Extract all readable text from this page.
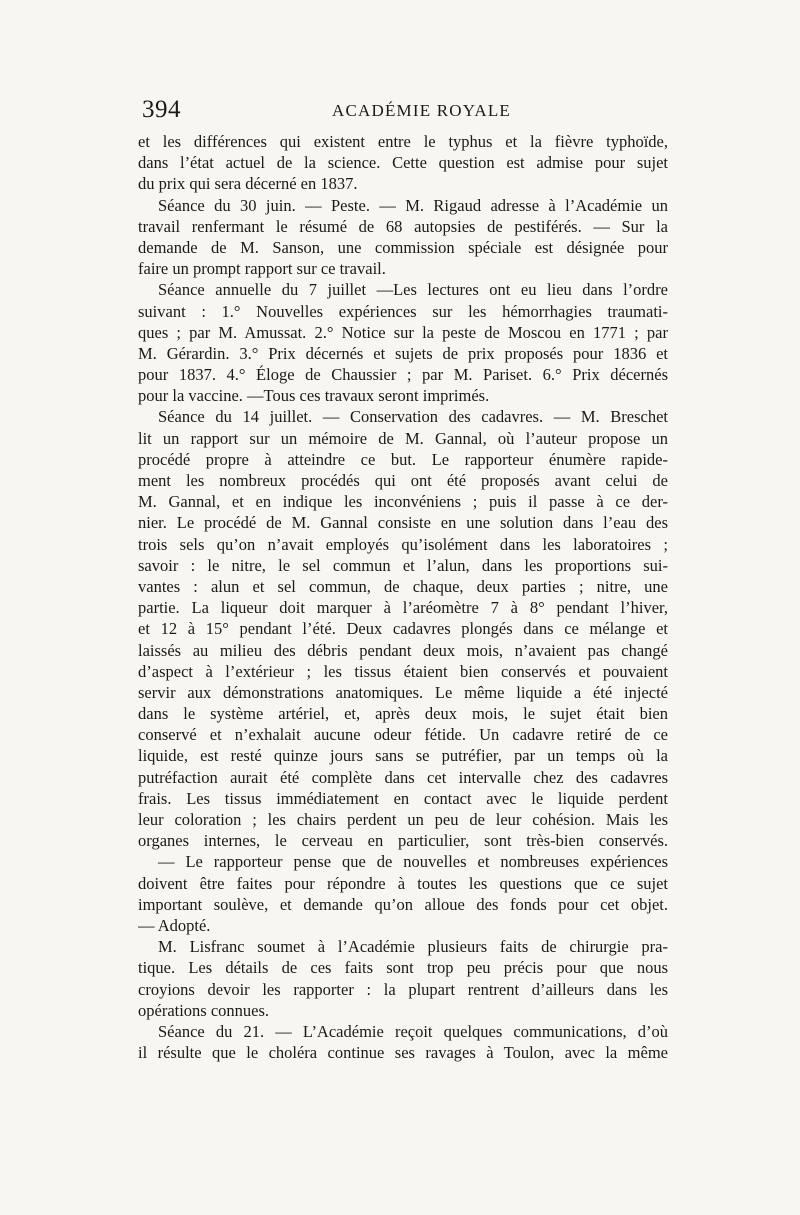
394	ACADÉMIE ROYALE
et les différences qui existent entre le typhus et la fièvre typhoïde,
dans l’état actuel de la science. Cette question est admise pour sujet
du prix qui sera décerné en 1837.
Séance du 30 juin. — Peste. — M. Rigaud adresse à l’Académie un
travail renfermant le résumé de 68 autopsies de pestiférés. — Sur la
demande de M. Sanson, une commission spéciale est désignée pour
faire un prompt rapport sur ce travail.
Séance annuelle du 7 juillet —Les lectures ont eu lieu dans l’ordre
suivant : 1.° Nouvelles expériences sur les hémorrhagies traumati-
ques ; par M. Amussat. 2.° Notice sur la peste de Moscou en 1771 ; par
M. Gérardin. 3.° Prix décernés et sujets de prix proposés pour 1836 et
pour 1837. 4.° Éloge de Chaussier ; par M. Pariset. 6.° Prix décernés
pour la vaccine. —Tous ces travaux seront imprimés.
Séance du 14 juillet. — Conservation des cadavres. — M. Breschet
lit un rapport sur un mémoire de M. Gannal, où l’auteur propose un
procédé propre à atteindre ce but. Le rapporteur énumère rapide-
ment les nombreux procédés qui ont été proposés avant celui de
M. Gannal, et en indique les inconvéniens ; puis il passe à ce der-
nier. Le procédé de M. Gannal consiste en une solution dans l’eau des
trois sels qu’on n’avait employés qu’isolément dans les laboratoires ;
savoir : le nitre, le sel commun et l’alun, dans les proportions sui-
vantes : alun et sel commun, de chaque, deux parties ; nitre, une
partie. La liqueur doit marquer à l’aréomètre 7 à 8° pendant l’hiver,
et 12 à 15° pendant l’été. Deux cadavres plongés dans ce mélange et
laissés au milieu des débris pendant deux mois, n’avaient pas changé
d’aspect à l’extérieur ; les tissus étaient bien conservés et pouvaient
servir aux démonstrations anatomiques. Le même liquide a été injecté
dans le système artériel, et, après deux mois, le sujet était bien
conservé et n’exhalait aucune odeur fétide. Un cadavre retiré de ce
liquide, est resté quinze jours sans se putréfier, par un temps où la
putréfaction aurait été complète dans cet intervalle chez des cadavres
frais. Les tissus immédiatement en contact avec le liquide perdent
leur coloration ; les chairs perdent un peu de leur cohésion. Mais les
organes internes, le cerveau en particulier, sont très-bien conservés.
— Le rapporteur pense que de nouvelles et nombreuses expériences
doivent être faites pour répondre à toutes les questions que ce sujet
important soulève, et demande qu’on alloue des fonds pour cet objet.
— Adopté.
M. Lisfranc soumet à l’Académie plusieurs faits de chirurgie pra-
tique. Les détails de ces faits sont trop peu précis pour que nous
croyions devoir les rapporter : la plupart rentrent d’ailleurs dans les
opérations connues.
Séance du 21. — L’Académie reçoit quelques communications, d’où
il résulte que le choléra continue ses ravages à Toulon, avec la même
